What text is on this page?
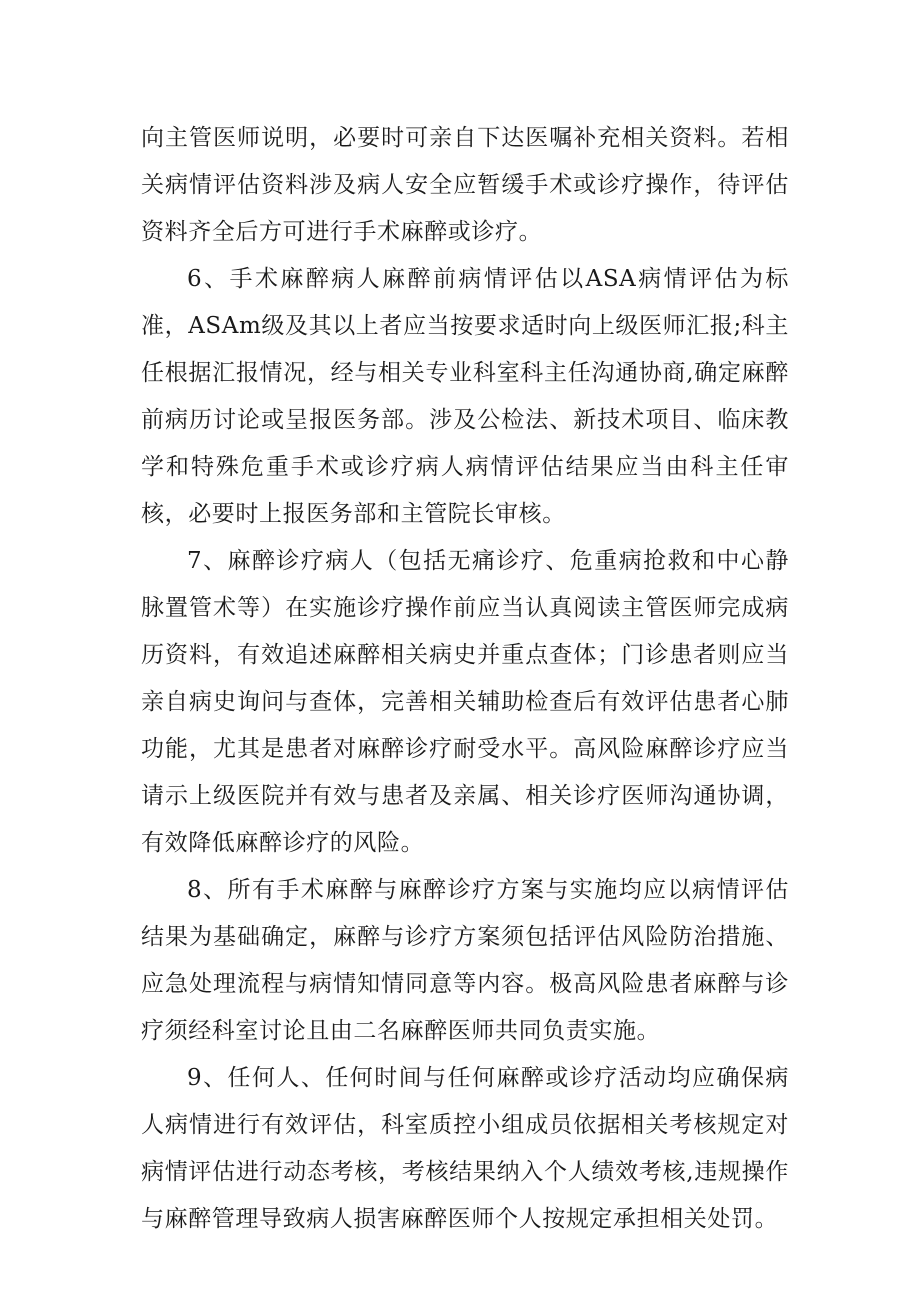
向主管医师说明，必要时可亲自下达医嘱补充相关资料。若相关病情评估资料涉及病人安全应暂缓手术或诊疗操作，待评估资料齐全后方可进行手术麻醉或诊疗。

6、手术麻醉病人麻醉前病情评估以ASA病情评估为标准，ASAm级及其以上者应当按要求适时向上级医师汇报;科主任根据汇报情况，经与相关专业科室科主任沟通协商,确定麻醉前病历讨论或呈报医务部。涉及公检法、新技术项目、临床教学和特殊危重手术或诊疗病人病情评估结果应当由科主任审核，必要时上报医务部和主管院长审核。

7、麻醉诊疗病人（包括无痛诊疗、危重病抢救和中心静脉置管术等）在实施诊疗操作前应当认真阅读主管医师完成病历资料，有效追述麻醉相关病史并重点查体；门诊患者则应当亲自病史询问与查体，完善相关辅助检查后有效评估患者心肺功能，尤其是患者对麻醉诊疗耐受水平。高风险麻醉诊疗应当请示上级医院并有效与患者及亲属、相关诊疗医师沟通协调，有效降低麻醉诊疗的风险。

8、所有手术麻醉与麻醉诊疗方案与实施均应以病情评估结果为基础确定，麻醉与诊疗方案须包括评估风险防治措施、应急处理流程与病情知情同意等内容。极高风险患者麻醉与诊疗须经科室讨论且由二名麻醉医师共同负责实施。

9、任何人、任何时间与任何麻醉或诊疗活动均应确保病人病情进行有效评估，科室质控小组成员依据相关考核规定对病情评估进行动态考核，考核结果纳入个人绩效考核,违规操作与麻醉管理导致病人损害麻醉医师个人按规定承担相关处罚。
